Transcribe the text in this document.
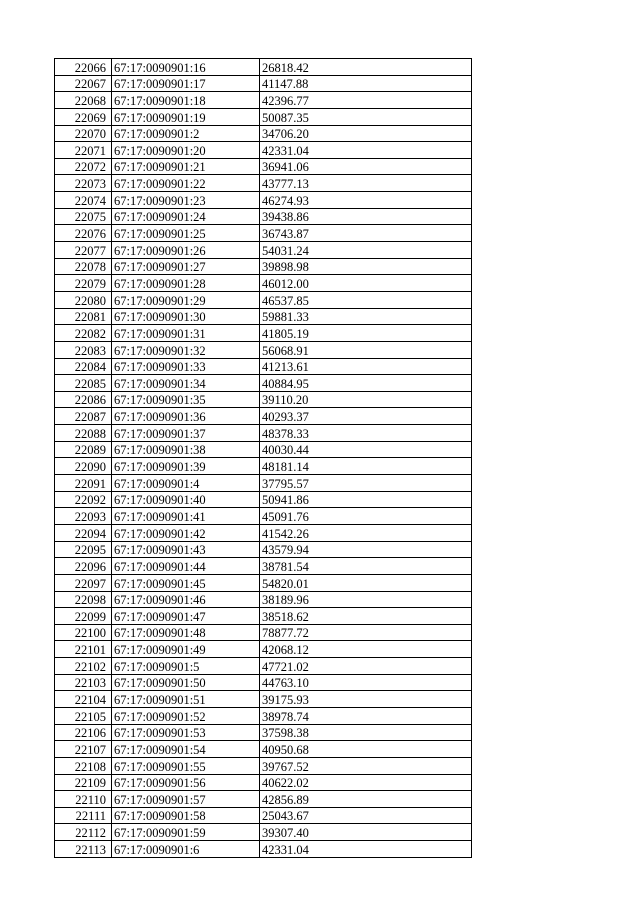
22066	67:17:0090901:16	26818.42
22067	67:17:0090901:17	41147.88
22068	67:17:0090901:18	42396.77
22069	67:17:0090901:19	50087.35
22070	67:17:0090901:2	34706.20
22071	67:17:0090901:20	42331.04
22072	67:17:0090901:21	36941.06
22073	67:17:0090901:22	43777.13
22074	67:17:0090901:23	46274.93
22075	67:17:0090901:24	39438.86
22076	67:17:0090901:25	36743.87
22077	67:17:0090901:26	54031.24
22078	67:17:0090901:27	39898.98
22079	67:17:0090901:28	46012.00
22080	67:17:0090901:29	46537.85
22081	67:17:0090901:30	59881.33
22082	67:17:0090901:31	41805.19
22083	67:17:0090901:32	56068.91
22084	67:17:0090901:33	41213.61
22085	67:17:0090901:34	40884.95
22086	67:17:0090901:35	39110.20
22087	67:17:0090901:36	40293.37
22088	67:17:0090901:37	48378.33
22089	67:17:0090901:38	40030.44
22090	67:17:0090901:39	48181.14
22091	67:17:0090901:4	37795.57
22092	67:17:0090901:40	50941.86
22093	67:17:0090901:41	45091.76
22094	67:17:0090901:42	41542.26
22095	67:17:0090901:43	43579.94
22096	67:17:0090901:44	38781.54
22097	67:17:0090901:45	54820.01
22098	67:17:0090901:46	38189.96
22099	67:17:0090901:47	38518.62
22100	67:17:0090901:48	78877.72
22101	67:17:0090901:49	42068.12
22102	67:17:0090901:5	47721.02
22103	67:17:0090901:50	44763.10
22104	67:17:0090901:51	39175.93
22105	67:17:0090901:52	38978.74
22106	67:17:0090901:53	37598.38
22107	67:17:0090901:54	40950.68
22108	67:17:0090901:55	39767.52
22109	67:17:0090901:56	40622.02
22110	67:17:0090901:57	42856.89
22111	67:17:0090901:58	25043.67
22112	67:17:0090901:59	39307.40
22113	67:17:0090901:6	42331.04
